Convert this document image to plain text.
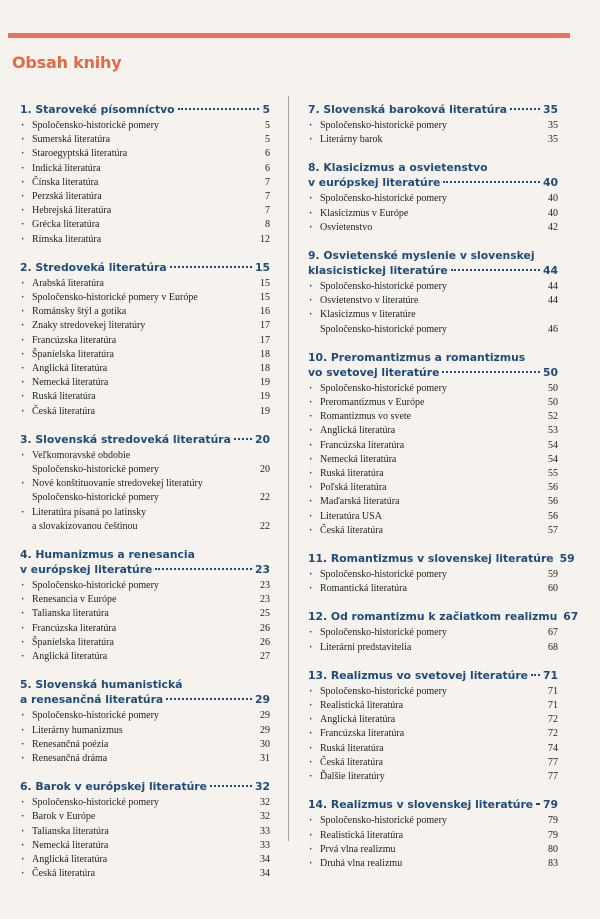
Obsah knihy
1. Staroveké písomníctvo	5
· Spoločensko-historické pomery	5
· Sumerská literatúra	5
· Staroegyptská literatúra	6
· Indická literatúra	6
· Čínska literatúra	7
· Perzská literatúra	7
· Hebrejská literatúra	7
· Grécka literatúra	8
· Rímska literatúra	12
2. Stredoveká literatúra	15
· Arabská literatúra	15
· Spoločensko-historické pomery v Európe	15
· Románsky štýl a gotika	16
· Znaky stredovekej literatúry	17
· Francúzska literatúra	17
· Španielska literatúra	18
· Anglická literatúra	18
· Nemecká literatúra	19
· Ruská literatúra	19
· Česká literatúra	19
3. Slovenská stredoveká literatúra 20
· Veľkomoravské obdobie
Spoločensko-historické pomery	20
· Nové konštituovanie stredovekej literatúry
Spoločensko-historické pomery	22
· Literatúra písaná po latinsky
a slovakizovanou češtinou	22
4. Humanizmus a renesancia
v európskej literatúre	23
· Spoločensko-historické pomery	23
· Renesancia v Európe	23
· Talianska literatúra	25
· Francúzska literatúra	26
· Španielska literatúra	26
· Anglická literatúra	27
5. Slovenská humanistická
a renesančná literatúra	29
· Spoločensko-historické pomery	29
· Literárny humanizmus	29
· Renesančná poézia	30
· Renesančná dráma	31
6. Barok v európskej literatúre	32
· Spoločensko-historické pomery	32
· Barok v Európe	32
· Talianska literatúra	33
· Nemecká literatúra	33
· Anglická literatúra	34
· Česká literatúra	34
7. Slovenská baroková literatúra	35
· Spoločensko-historické pomery	35
· Literárny barok	35
8. Klasicizmus a osvietenstvo
v európskej literatúre	40
· Spoločensko-historické pomery	40
· Klasicizmus v Európe	40
· Osvietenstvo	42
9. Osvietenské myslenie v slovenskej
klasicistickej literatúre	44
· Spoločensko-historické pomery	44
· Osvietenstvo v literatúre	44
· Klasicizmus v literatúre
Spoločensko-historické pomery	46
10. Preromantizmus a romantizmus
vo svetovej literatúre	50
· Spoločensko-historické pomery	50
· Preromantizmus v Európe	50
· Romantizmus vo svete	52
· Anglická literatúra	53
· Francúzska literatúra	54
· Nemecká literatúra	54
· Ruská literatúra	55
· Poľská literatúra	56
· Maďarská literatúra	56
· Literatúra USA	56
· Česká literatúra	57
11. Romantizmus v slovenskej literatúre 59
· Spoločensko-historické pomery	59
· Romantická literatúra	60
12. Od romantizmu k začiatkom realizmu 67
· Spoločensko-historické pomery	67
· Literárni predstavitelia	68
13. Realizmus vo svetovej literatúre 71
· Spoločensko-historické pomery	71
· Realistická literatúra	71
· Anglická literatúra	72
· Francúzska literatúra	72
· Ruská literatúra	74
· Česká literatúra	77
· Ďalšie literatúry	77
14. Realizmus v slovenskej literatúre 79
· Spoločensko-historické pomery	79
· Realistická literatúra	79
· Prvá vlna realizmu	80
· Druhá vlna realizmu	83
